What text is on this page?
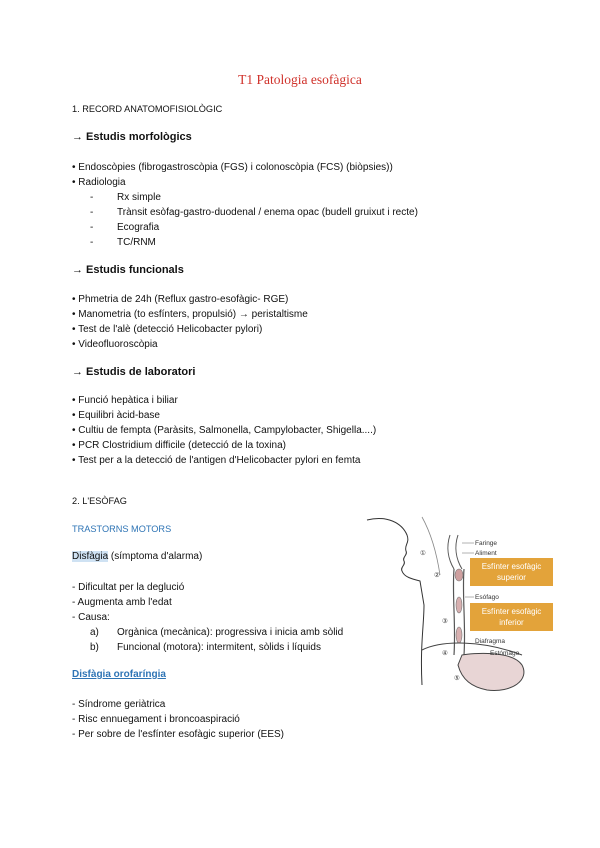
T1 Patologia esofàgica
1. RECORD ANATOMOFISIOLÒGIC
→ Estudis morfològics
• Endoscòpies (fibrogastroscòpia (FGS) i colonoscòpia (FCS) (biòpsies))
• Radiologia
- Rx simple
- Trànsit esòfag-gastro-duodenal / enema opac (budell gruixut i recte)
- Ecografia
- TC/RNM
→ Estudis funcionals
• Phmetria de 24h (Reflux gastro-esofàgic- RGE)
• Manometria (to esfínters, propulsió) → peristaltisme
• Test de l'alè (detecció Helicobacter pylori)
• Videofluoroscòpia
→ Estudis de laboratori
• Funció hepàtica i biliar
• Equilibri àcid-base
• Cultiu de fempta (Paràsits, Salmonella, Campylobacter, Shigella....)
• PCR Clostridium difficile (detecció de la toxina)
• Test per a la detecció de l'antigen d'Helicobacter pylori en femta
2. L'ESÒFAG
TRASTORNS MOTORS
Disfàgia (símptoma d'alarma)
- Dificultat per la deglució
- Augmenta amb l'edat
- Causa:
a) Orgànica (mecànica): progressiva i inicia amb sòlid
b) Funcional (motora): intermitent, sòlids i líquids
Disfàgia orofaríngia
- Síndrome geriàtrica
- Risc ennuegament i broncoaspiració
- Per sobre de l'esfínter esofàgic superior (EES)
①
②
③
④
⑤
Faringe
Aliment
Esófago
Diafragma
Estómago
Esfínter esofàgic
superior
Esfínter esofàgic
inferior
